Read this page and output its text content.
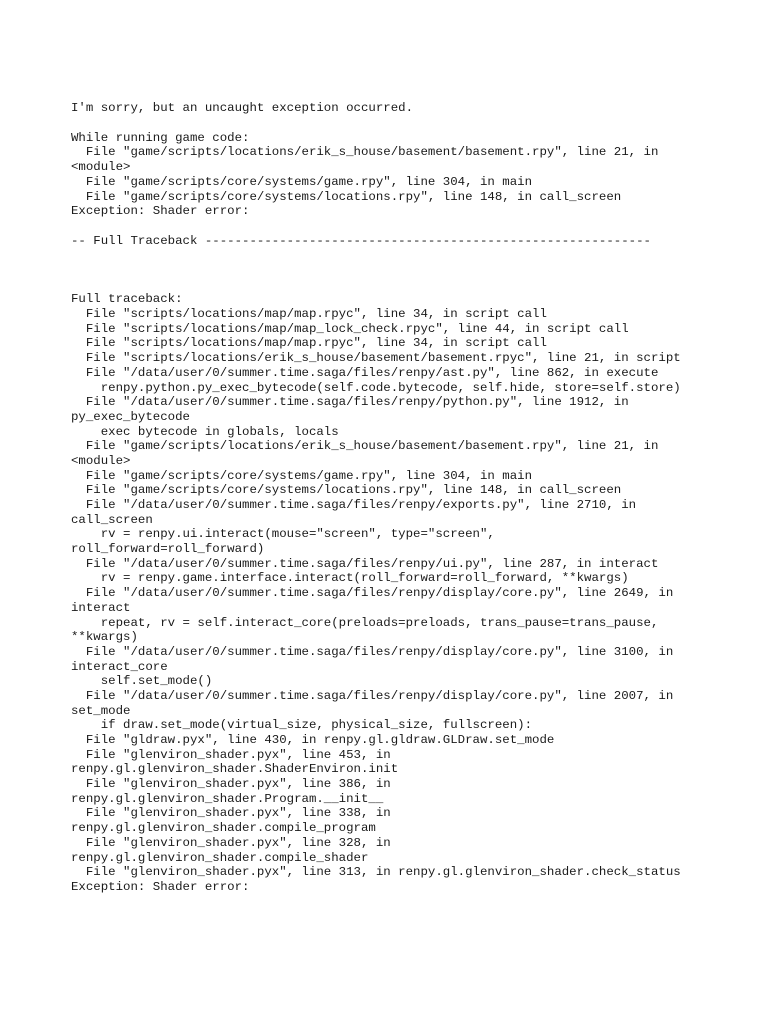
I'm sorry, but an uncaught exception occurred.
While running game code:
File "game/scripts/locations/erik_s_house/basement/basement.rpy", line 21, in
<module>
File "game/scripts/core/systems/game.rpy", line 304, in main
File "game/scripts/core/systems/locations.rpy", line 148, in call_screen
Exception: Shader error:
-- Full Traceback ------------------------------------------------------------

Full traceback:
File "scripts/locations/map/map.rpyc", line 34, in script call
File "scripts/locations/map/map_lock_check.rpyc", line 44, in script call
File "scripts/locations/map/map.rpyc", line 34, in script call
File "scripts/locations/erik_s_house/basement/basement.rpyc", line 21, in script
File "/data/user/0/summer.time.saga/files/renpy/ast.py", line 862, in execute
renpy.python.py_exec_bytecode(self.code.bytecode, self.hide, store=self.store)
File "/data/user/0/summer.time.saga/files/renpy/python.py", line 1912, in
py_exec_bytecode
exec bytecode in globals, locals
File "game/scripts/locations/erik_s_house/basement/basement.rpy", line 21, in
<module>
File "game/scripts/core/systems/game.rpy", line 304, in main
File "game/scripts/core/systems/locations.rpy", line 148, in call_screen
File "/data/user/0/summer.time.saga/files/renpy/exports.py", line 2710, in
call_screen
rv = renpy.ui.interact(mouse="screen", type="screen",
roll_forward=roll_forward)
File "/data/user/0/summer.time.saga/files/renpy/ui.py", line 287, in interact
rv = renpy.game.interface.interact(roll_forward=roll_forward, **kwargs)
File "/data/user/0/summer.time.saga/files/renpy/display/core.py", line 2649, in
interact
repeat, rv = self.interact_core(preloads=preloads, trans_pause=trans_pause,
**kwargs)
File "/data/user/0/summer.time.saga/files/renpy/display/core.py", line 3100, in
interact_core
self.set_mode()
File "/data/user/0/summer.time.saga/files/renpy/display/core.py", line 2007, in
set_mode
if draw.set_mode(virtual_size, physical_size, fullscreen):
File "gldraw.pyx", line 430, in renpy.gl.gldraw.GLDraw.set_mode
File "glenviron_shader.pyx", line 453, in
renpy.gl.glenviron_shader.ShaderEnviron.init
File "glenviron_shader.pyx", line 386, in
renpy.gl.glenviron_shader.Program.__init__
File "glenviron_shader.pyx", line 338, in
renpy.gl.glenviron_shader.compile_program
File "glenviron_shader.pyx", line 328, in
renpy.gl.glenviron_shader.compile_shader
File "glenviron_shader.pyx", line 313, in renpy.gl.glenviron_shader.check_status
Exception: Shader error:
